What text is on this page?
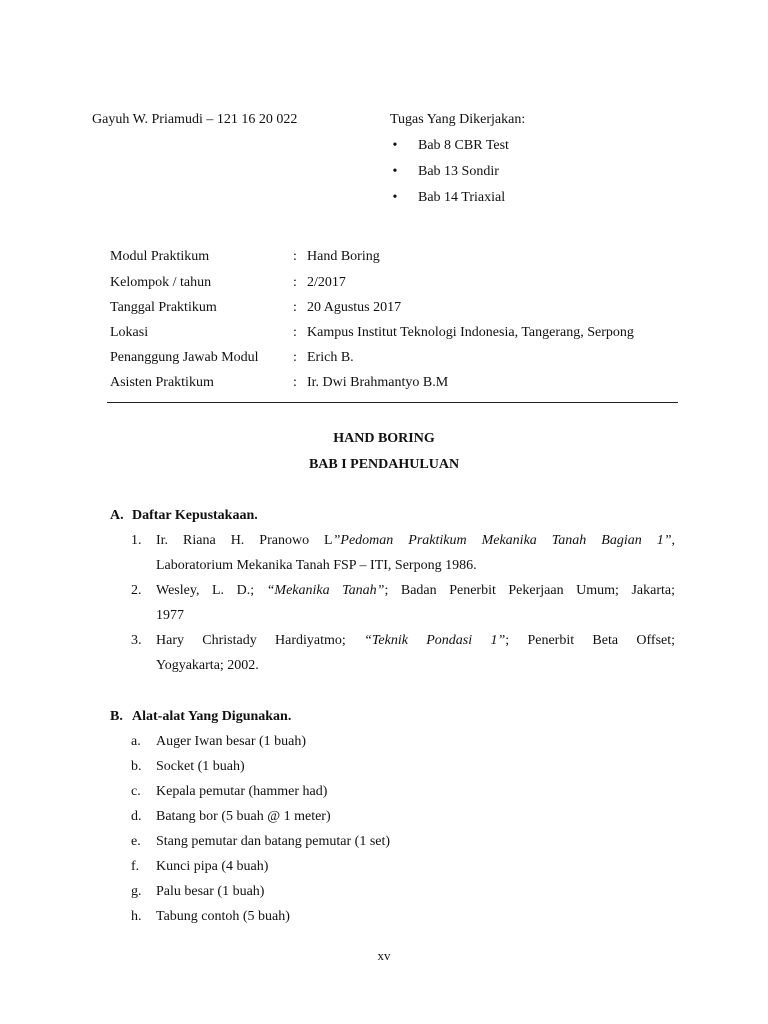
Gayuh W. Priamudi – 121 16 20 022	Tugas Yang Dikerjakan:
• Bab 8 CBR Test
• Bab 13 Sondir
• Bab 14 Triaxial
Modul Praktikum	: Hand Boring
Kelompok / tahun	: 2/2017
Tanggal Praktikum	: 20 Agustus 2017
Lokasi	: Kampus Institut Teknologi Indonesia, Tangerang, Serpong
Penanggung Jawab Modul : Erich B.
Asisten Praktikum	: Ir. Dwi Brahmantyo B.M
HAND BORING
BAB I PENDAHULUAN
A. Daftar Kepustakaan.
1.	Ir. Riana H. Pranowo L”Pedoman Praktikum Mekanika Tanah Bagian 1”,
Laboratorium Mekanika Tanah FSP – ITI, Serpong 1986.
2.	Wesley, L. D.; “Mekanika Tanah”; Badan Penerbit Pekerjaan Umum; Jakarta;
1977
3.	Hary Christady Hardiyatmo; “Teknik Pondasi 1”; Penerbit Beta Offset;
Yogyakarta; 2002.
B. Alat-alat Yang Digunakan.
a. Auger Iwan besar (1 buah)
b. Socket (1 buah)
c. Kepala pemutar (hammer had)
d. Batang bor (5 buah @ 1 meter)
e. Stang pemutar dan batang pemutar (1 set)
f. Kunci pipa (4 buah)
g. Palu besar (1 buah)
h. Tabung contoh (5 buah)
xv
